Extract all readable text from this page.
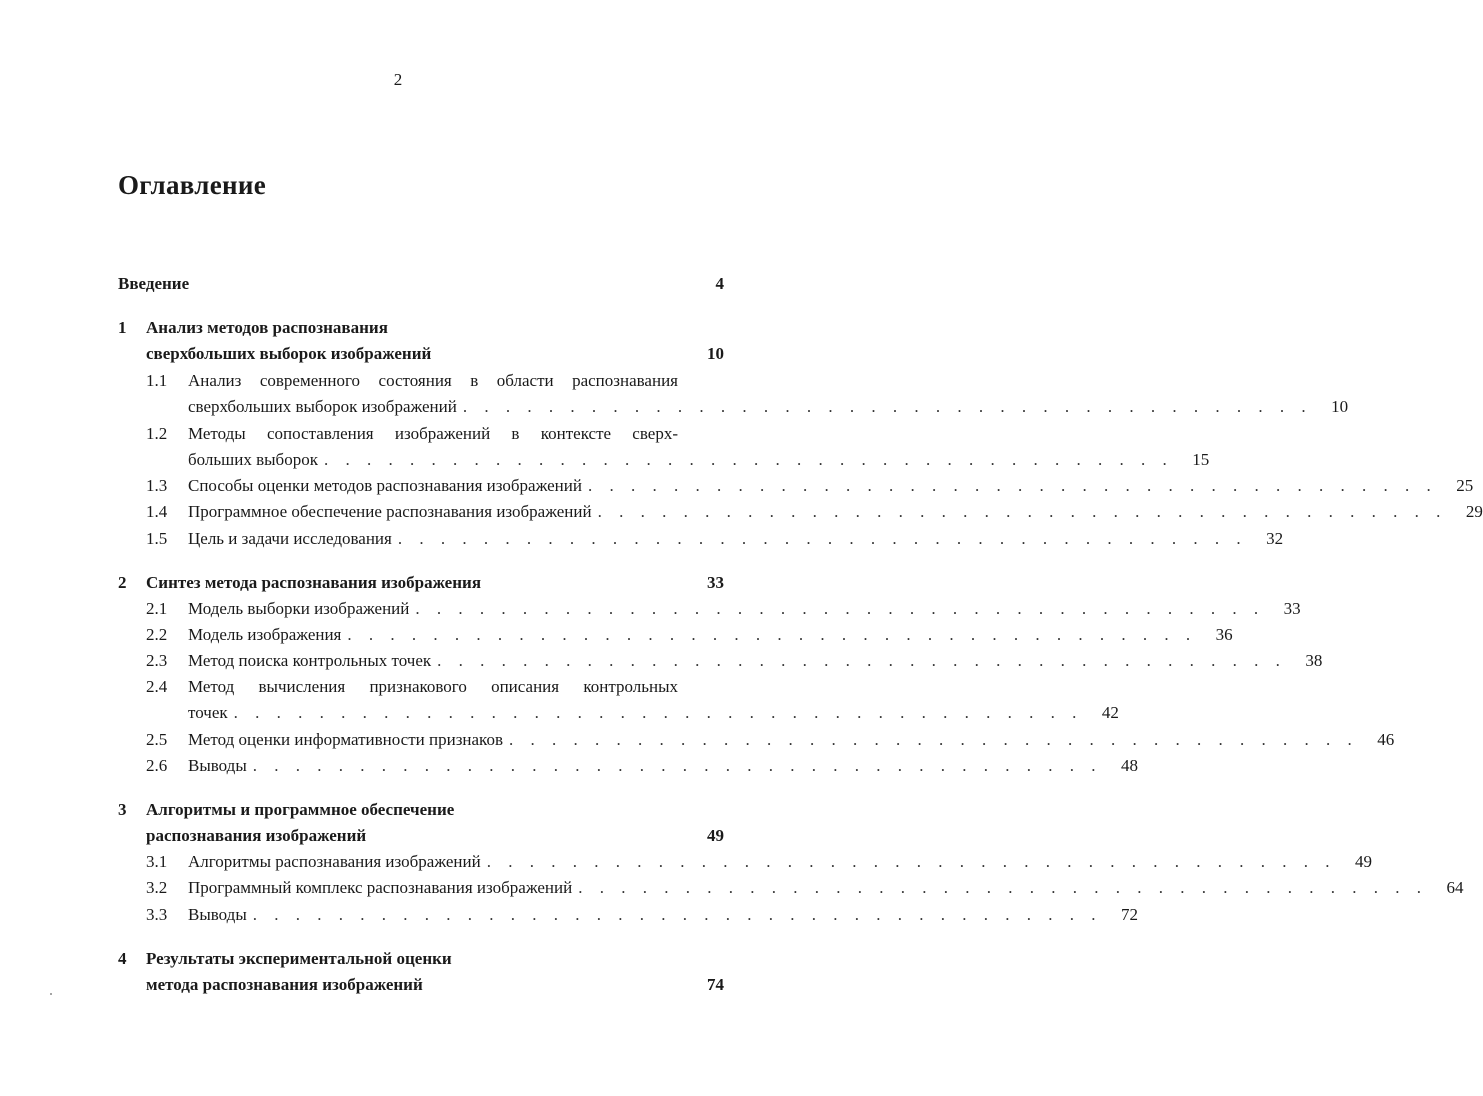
2
Оглавление
Введение	4
1 Анализ методов распознавания
сверхбольших выборок изображений	10
1.1 Анализ современного состояния в области распознавания
сверхбольших выборок изображений . . . . . . . . . . . . . . . . . . . . . . . . . . . . . . . . . . . . . . . .	10
1.2 Методы сопоставления изображений в контексте сверх-
больших выборок . . . . . . . . . . . . . . . . . . . . . . . . . . . . . . . . . . . . . . . .	15
1.3 Способы оценки методов распознавания изображений . . . . . . . . . . . . . . . . . . . . . . . . . . . . . . . . . . . . . . . .	25
1.4 Программное обеспечение распознавания изображений . . . . . . . . . . . . . . . . . . . . . . . . . . . . . . . . . . . . . . . .	29
1.5 Цель и задачи исследования . . . . . . . . . . . . . . . . . . . . . . . . . . . . . . . . . . . . . . . .	32
2 Синтез метода распознавания изображения	33
2.1 Модель выборки изображений . . . . . . . . . . . . . . . . . . . . . . . . . . . . . . . . . . . . . . . .	33
2.2 Модель изображения . . . . . . . . . . . . . . . . . . . . . . . . . . . . . . . . . . . . . . . .	36
2.3 Метод поиска контрольных точек . . . . . . . . . . . . . . . . . . . . . . . . . . . . . . . . . . . . . . . .	38
2.4 Метод вычисления признакового описания контрольных
точек . . . . . . . . . . . . . . . . . . . . . . . . . . . . . . . . . . . . . . . .	42
2.5 Метод оценки информативности признаков . . . . . . . . . . . . . . . . . . . . . . . . . . . . . . . . . . . . . . . .	46
2.6 Выводы . . . . . . . . . . . . . . . . . . . . . . . . . . . . . . . . . . . . . . . .	48
3 Алгоритмы и программное обеспечение
распознавания изображений	49
3.1 Алгоритмы распознавания изображений . . . . . . . . . . . . . . . . . . . . . . . . . . . . . . . . . . . . . . . .	49
3.2 Программный комплекс распознавания изображений . . . . . . . . . . . . . . . . . . . . . . . . . . . . . . . . . . . . . . . .	64
3.3 Выводы . . . . . . . . . . . . . . . . . . . . . . . . . . . . . . . . . . . . . . . .	72
4 Результаты экспериментальной оценки
метода распознавания изображений	74
